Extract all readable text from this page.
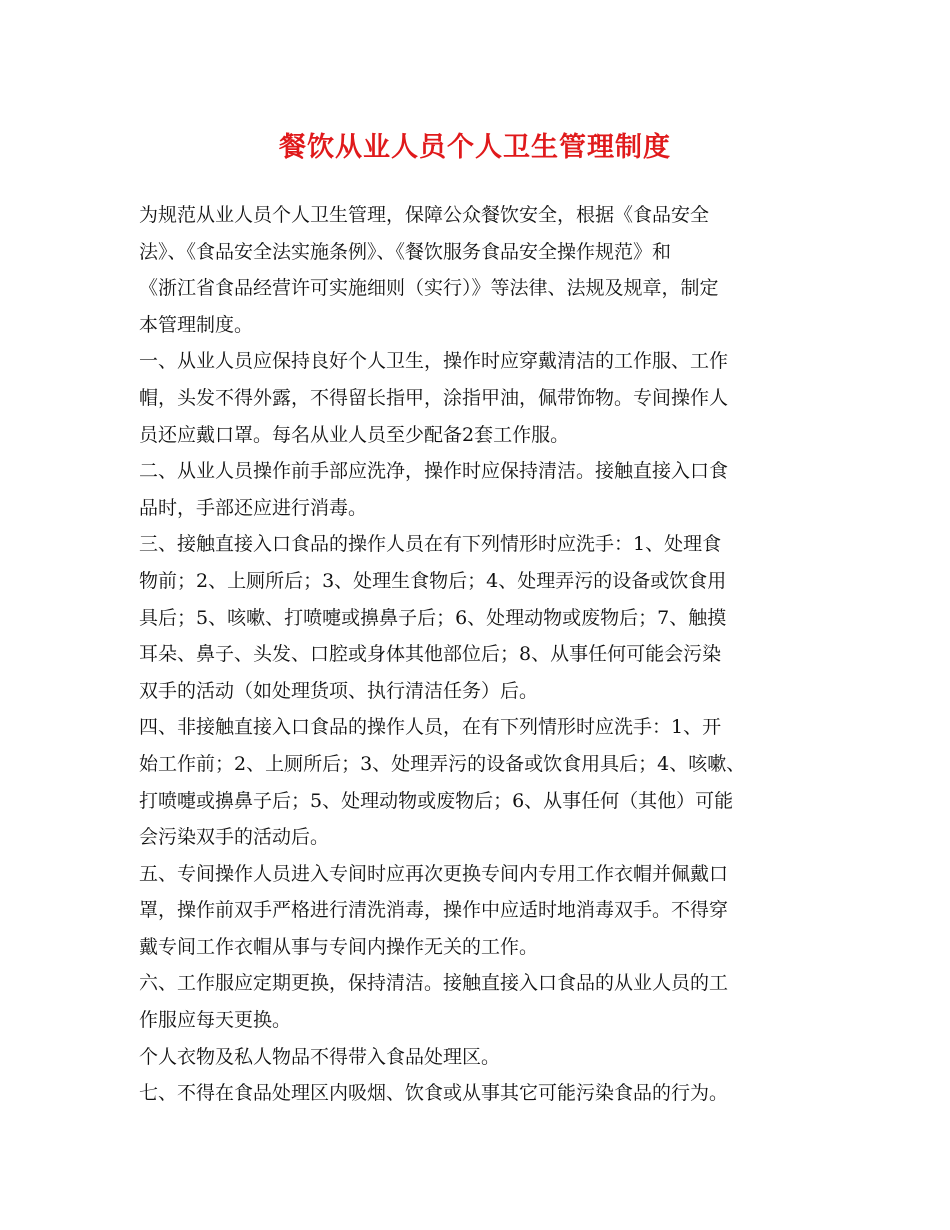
餐饮从业人员个人卫生管理制度

为规范从业人员个人卫生管理，保障公众餐饮安全，根据《食品安全
法》、《食品安全法实施条例》、《餐饮服务食品安全操作规范》和
《浙江省食品经营许可实施细则（实行）》等法律、法规及规章，制定
本管理制度。

一、从业人员应保持良好个人卫生，操作时应穿戴清洁的工作服、工作
帽，头发不得外露，不得留长指甲，涂指甲油，佩带饰物。专间操作人
员还应戴口罩。每名从业人员至少配备2套工作服。

二、从业人员操作前手部应洗净，操作时应保持清洁。接触直接入口食
品时，手部还应进行消毒。

三、接触直接入口食品的操作人员在有下列情形时应洗手：1、处理食
物前；2、上厕所后；3、处理生食物后；4、处理弄污的设备或饮食用
具后；5、咳嗽、打喷嚏或擤鼻子后；6、处理动物或废物后；7、触摸
耳朵、鼻子、头发、口腔或身体其他部位后；8、从事任何可能会污染
双手的活动（如处理货项、执行清洁任务）后。

四、非接触直接入口食品的操作人员，在有下列情形时应洗手：1、开
始工作前；2、上厕所后；3、处理弄污的设备或饮食用具后；4、咳嗽、
打喷嚏或擤鼻子后；5、处理动物或废物后；6、从事任何（其他）可能
会污染双手的活动后。

五、专间操作人员进入专间时应再次更换专间内专用工作衣帽并佩戴口
罩，操作前双手严格进行清洗消毒，操作中应适时地消毒双手。不得穿
戴专间工作衣帽从事与专间内操作无关的工作。

六、工作服应定期更换，保持清洁。接触直接入口食品的从业人员的工
作服应每天更换。

个人衣物及私人物品不得带入食品处理区。

七、不得在食品处理区内吸烟、饮食或从事其它可能污染食品的行为。
